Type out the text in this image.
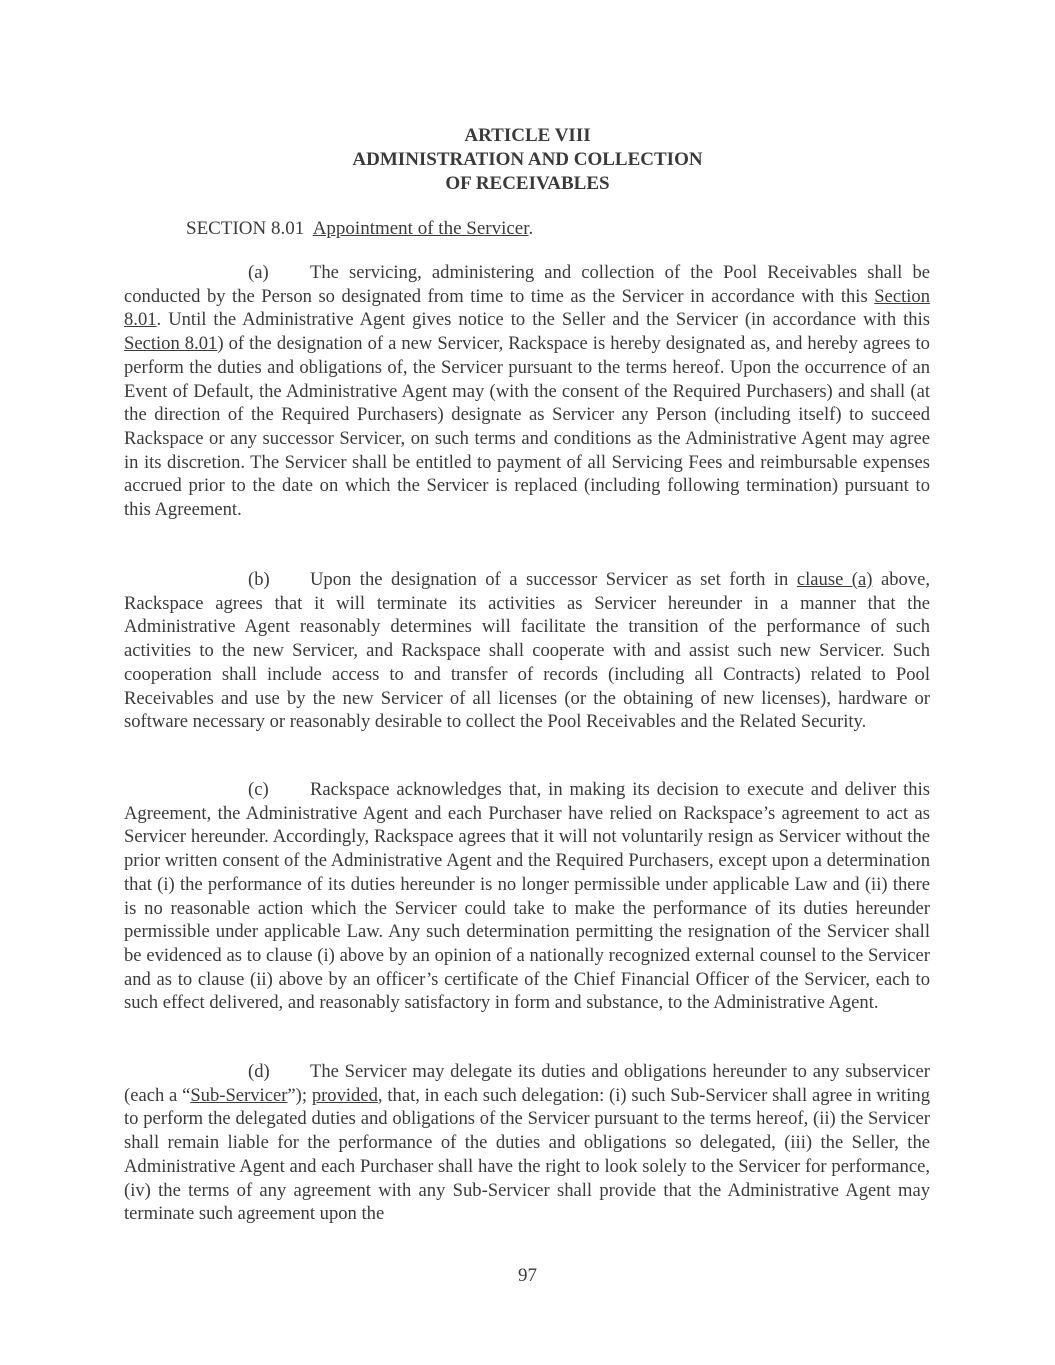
ARTICLE VIII
ADMINISTRATION AND COLLECTION
OF RECEIVABLES
SECTION 8.01 Appointment of the Servicer.

(a) The servicing, administering and collection of the Pool Receivables shall be conducted by the Person so designated from time to time as the Servicer in accordance with this Section 8.01. Until the Administrative Agent gives notice to the Seller and the Servicer (in accordance with this Section 8.01) of the designation of a new Servicer, Rackspace is hereby designated as, and hereby agrees to perform the duties and obligations of, the Servicer pursuant to the terms hereof. Upon the occurrence of an Event of Default, the Administrative Agent may (with the consent of the Required Purchasers) and shall (at the direction of the Required Purchasers) designate as Servicer any Person (including itself) to succeed Rackspace or any successor Servicer, on such terms and conditions as the Administrative Agent may agree in its discretion. The Servicer shall be entitled to payment of all Servicing Fees and reimbursable expenses accrued prior to the date on which the Servicer is replaced (including following termination) pursuant to this Agreement.

(b) Upon the designation of a successor Servicer as set forth in clause (a) above, Rackspace agrees that it will terminate its activities as Servicer hereunder in a manner that the Administrative Agent reasonably determines will facilitate the transition of the performance of such activities to the new Servicer, and Rackspace shall cooperate with and assist such new Servicer. Such cooperation shall include access to and transfer of records (including all Contracts) related to Pool Receivables and use by the new Servicer of all licenses (or the obtaining of new licenses), hardware or software necessary or reasonably desirable to collect the Pool Receivables and the Related Security.

(c) Rackspace acknowledges that, in making its decision to execute and deliver this Agreement, the Administrative Agent and each Purchaser have relied on Rackspace’s agreement to act as Servicer hereunder. Accordingly, Rackspace agrees that it will not voluntarily resign as Servicer without the prior written consent of the Administrative Agent and the Required Purchasers, except upon a determination that (i) the performance of its duties hereunder is no longer permissible under applicable Law and (ii) there is no reasonable action which the Servicer could take to make the performance of its duties hereunder permissible under applicable Law. Any such determination permitting the resignation of the Servicer shall be evidenced as to clause (i) above by an opinion of a nationally recognized external counsel to the Servicer and as to clause (ii) above by an officer’s certificate of the Chief Financial Officer of the Servicer, each to such effect delivered, and reasonably satisfactory in form and substance, to the Administrative Agent.

(d) The Servicer may delegate its duties and obligations hereunder to any subservicer (each a “Sub-Servicer”); provided, that, in each such delegation: (i) such Sub-Servicer shall agree in writing to perform the delegated duties and obligations of the Servicer pursuant to the terms hereof, (ii) the Servicer shall remain liable for the performance of the duties and obligations so delegated, (iii) the Seller, the Administrative Agent and each Purchaser shall have the right to look solely to the Servicer for performance, (iv) the terms of any agreement with any Sub-Servicer shall provide that the Administrative Agent may terminate such agreement upon the

97
